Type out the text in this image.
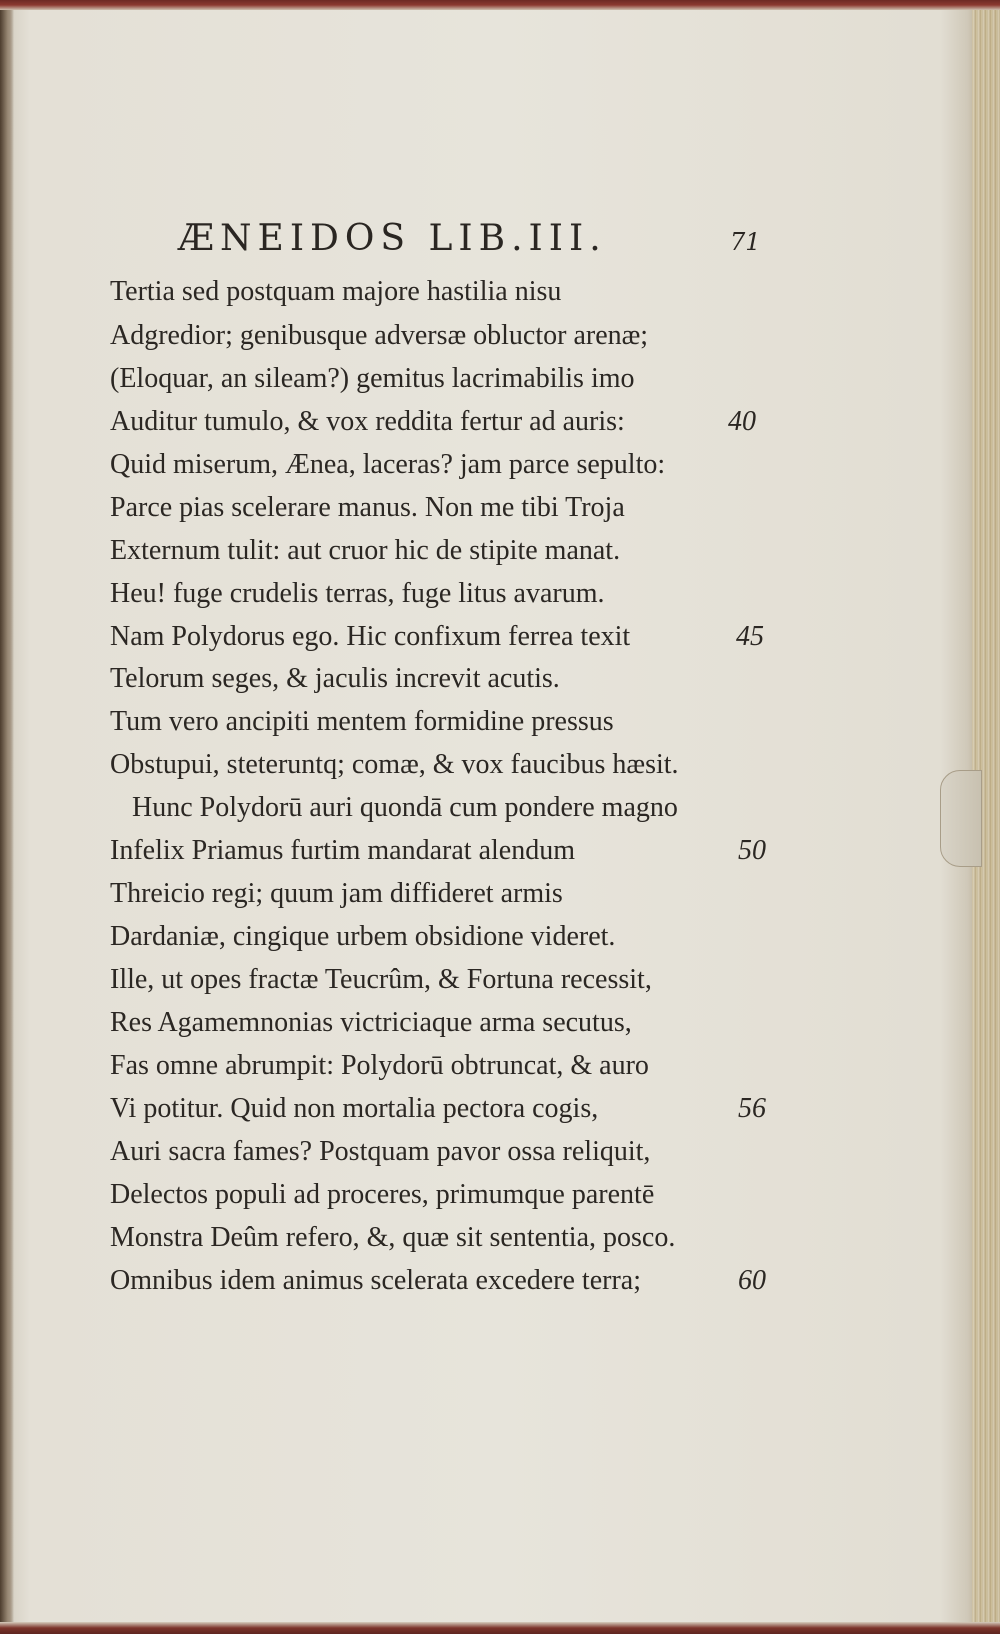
ÆNEIDOS LIB.III.	71
Tertia sed postquam majore hastilia nisu
Adgredior; genibusque adversæ obluctor arenæ;
(Eloquar, an sileam?) gemitus lacrimabilis imo
Auditur tumulo, & vox reddita fertur ad auris:	40
Quid miserum, Ænea, laceras? jam parce sepulto:
Parce pias scelerare manus. Non me tibi Troja
Externum tulit: aut cruor hic de stipite manat.
Heu! fuge crudelis terras, fuge litus avarum.
Nam Polydorus ego. Hic confixum ferrea texit	45
Telorum seges, & jaculis increvit acutis.
Tum vero ancipiti mentem formidine pressus
Obstupui, steteruntq; comæ, & vox faucibus hæsit.
Hunc Polydorū auri quondā cum pondere magno
Infelix Priamus furtim mandarat alendum	50
Threicio regi; quum jam diffideret armis
Dardaniæ, cingique urbem obsidione videret.
Ille, ut opes fractæ Teucrûm, & Fortuna recessit,
Res Agamemnonias victriciaque arma secutus,
Fas omne abrumpit: Polydorū obtruncat, & auro
Vi potitur. Quid non mortalia pectora cogis,	56
Auri sacra fames? Postquam pavor ossa reliquit,
Delectos populi ad proceres, primumque parentē
Monstra Deûm refero, &, quæ sit sententia, posco.
Omnibus idem animus scelerata excedere terra;	60
